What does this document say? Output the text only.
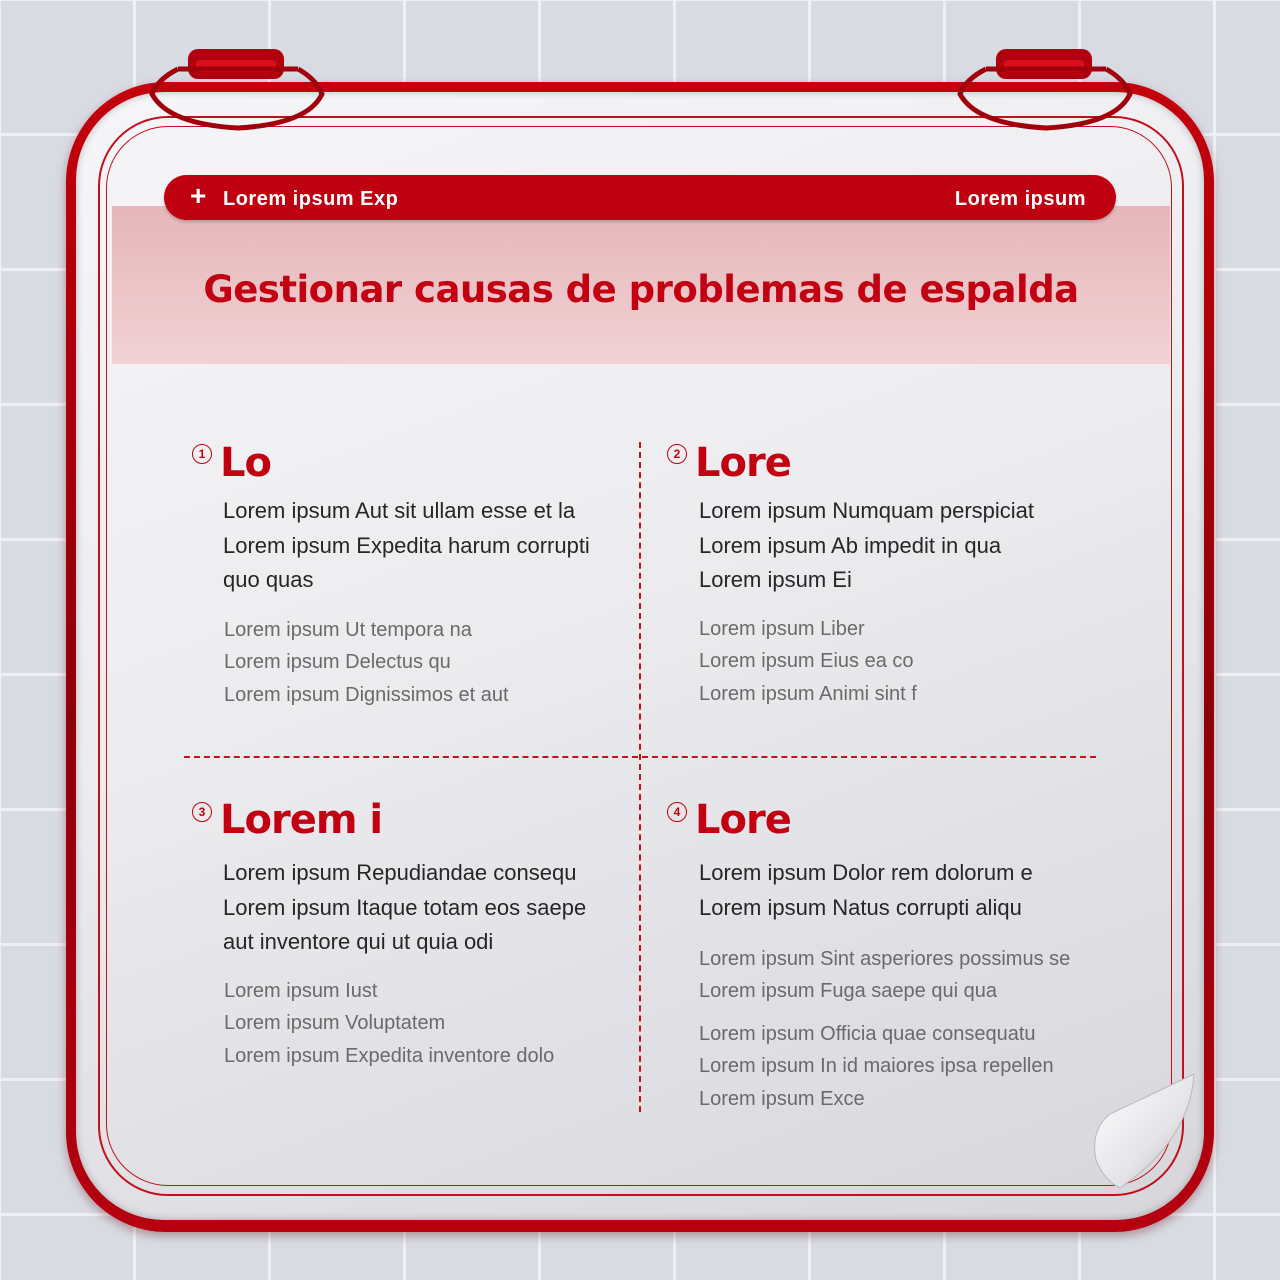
+ Lorem ipsum Exp	Lorem ipsum
Gestionar causas de problemas de espalda
1 Lo
Lorem ipsum Aut sit ullam esse et la
Lorem ipsum Expedita harum corrupti
quo quas
Lorem ipsum Ut tempora na
Lorem ipsum Delectus qu
Lorem ipsum Dignissimos et aut
2 Lore
Lorem ipsum Numquam perspiciat
Lorem ipsum Ab impedit in qua
Lorem ipsum Ei
Lorem ipsum Liber
Lorem ipsum Eius ea co
Lorem ipsum Animi sint f
3 Lorem i
Lorem ipsum Repudiandae consequ
Lorem ipsum Itaque totam eos saepe
aut inventore qui ut quia odi
Lorem ipsum Iust
Lorem ipsum Voluptatem
Lorem ipsum Expedita inventore dolo
4 Lore
Lorem ipsum Dolor rem dolorum e
Lorem ipsum Natus corrupti aliqu
Lorem ipsum Sint asperiores possimus se
Lorem ipsum Fuga saepe qui qua
Lorem ipsum Officia quae consequatu
Lorem ipsum In id maiores ipsa repellen
Lorem ipsum Exce
